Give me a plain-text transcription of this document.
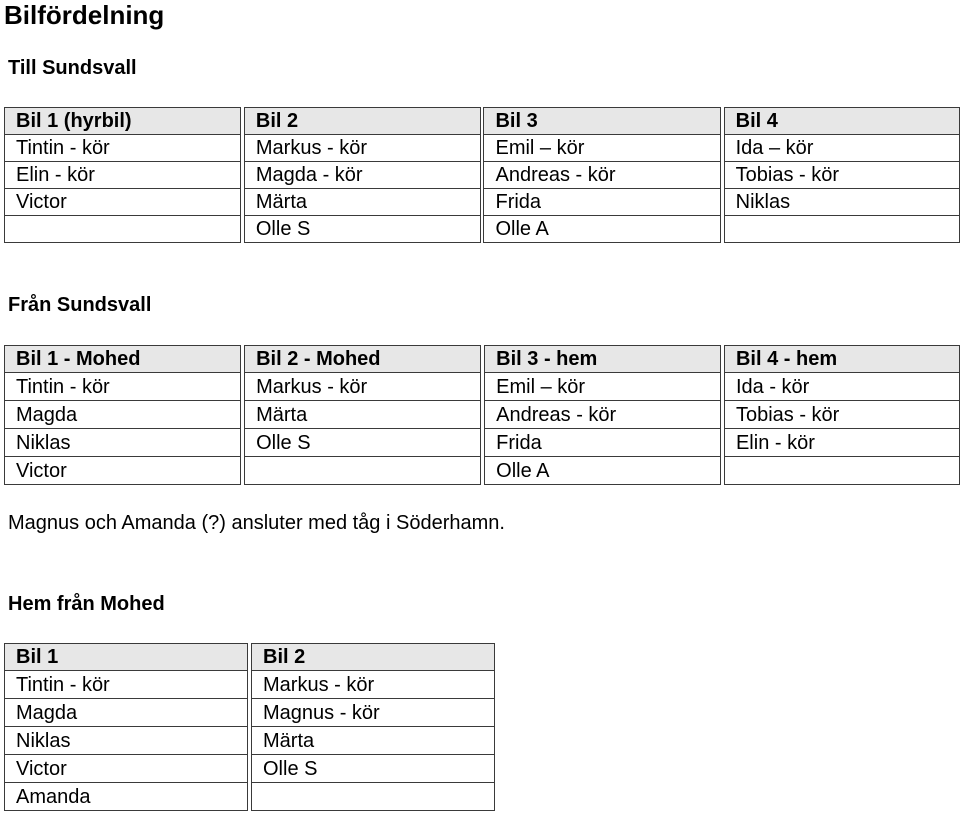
Bilfördelning
Till Sundsvall
Bil 1 (hyrbil)		Bil 2		Bil 3		Bil 4
Tintin - kör		Markus - kör		Emil – kör		Ida – kör
Elin - kör		Magda - kör		Andreas - kör		Tobias - kör
Victor		Märta		Frida		Niklas
		Olle S		Olle A		
Från Sundsvall
Bil 1 - Mohed		Bil 2 - Mohed		Bil 3 - hem		Bil 4 - hem
Tintin - kör		Markus - kör		Emil – kör		Ida - kör
Magda		Märta		Andreas - kör		Tobias - kör
Niklas		Olle S		Frida		Elin - kör
Victor				Olle A		
Magnus och Amanda (?) ansluter med tåg i Söderhamn.
Hem från Mohed
Bil 1		Bil 2
Tintin - kör		Markus - kör
Magda		Magnus - kör
Niklas		Märta
Victor		Olle S
Amanda		
